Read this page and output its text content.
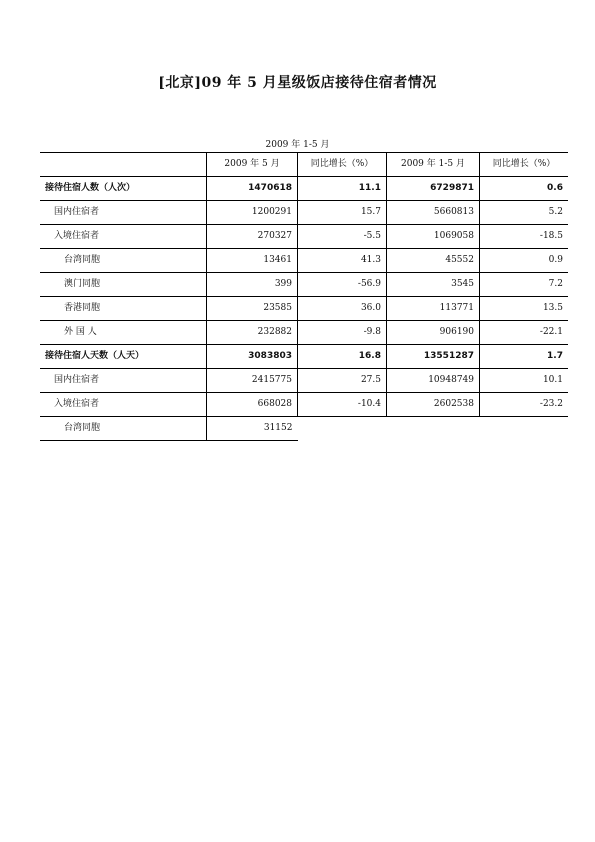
[北京]09 年 5 月星级饭店接待住宿者情况
2009 年 1-5 月
	2009 年 5 月	同比增长（%）	2009 年 1-5 月	同比增长（%）
接待住宿人数（人次）	1470618	11.1	6729871	0.6
国内住宿者	1200291	15.7	5660813	5.2
入境住宿者	270327	-5.5	1069058	-18.5
台湾同胞	13461	41.3	45552	0.9
澳门同胞	399	-56.9	3545	7.2
香港同胞	23585	36.0	113771	13.5
外 国 人	232882	-9.8	906190	-22.1
接待住宿人天数（人天）	3083803	16.8	13551287	1.7
国内住宿者	2415775	27.5	10948749	10.1
入境住宿者	668028	-10.4	2602538	-23.2
台湾同胞	31152			
